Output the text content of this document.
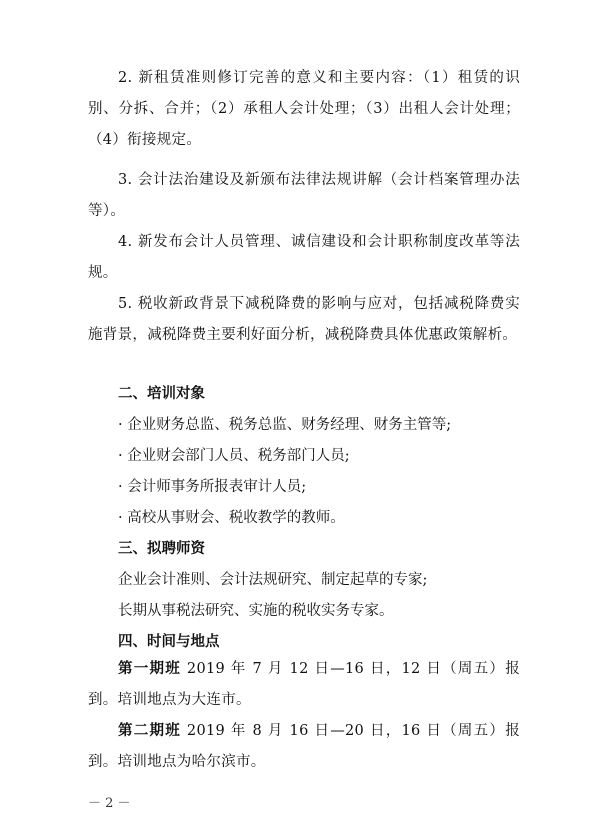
2. 新租赁准则修订完善的意义和主要内容：（1）租赁的识别、分拆、合并；（2）承租人会计处理；（3）出租人会计处理；（4）衔接规定。
3. 会计法治建设及新颁布法律法规讲解（会计档案管理办法等）。
4. 新发布会计人员管理、诚信建设和会计职称制度改革等法规。
5. 税收新政背景下减税降费的影响与应对，包括减税降费实施背景，减税降费主要利好面分析，减税降费具体优惠政策解析。
二、培训对象
· 企业财务总监、税务总监、财务经理、财务主管等;
· 企业财会部门人员、税务部门人员;
· 会计师事务所报表审计人员;
· 高校从事财会、税收教学的教师。
三、拟聘师资
企业会计准则、会计法规研究、制定起草的专家;
长期从事税法研究、实施的税收实务专家。
四、时间与地点
第一期班 2019 年 7 月 12 日—16 日，12 日（周五）报到。培训地点为大连市。
第二期班 2019 年 8 月 16 日—20 日，16 日（周五）报到。培训地点为哈尔滨市。
－ 2 －
